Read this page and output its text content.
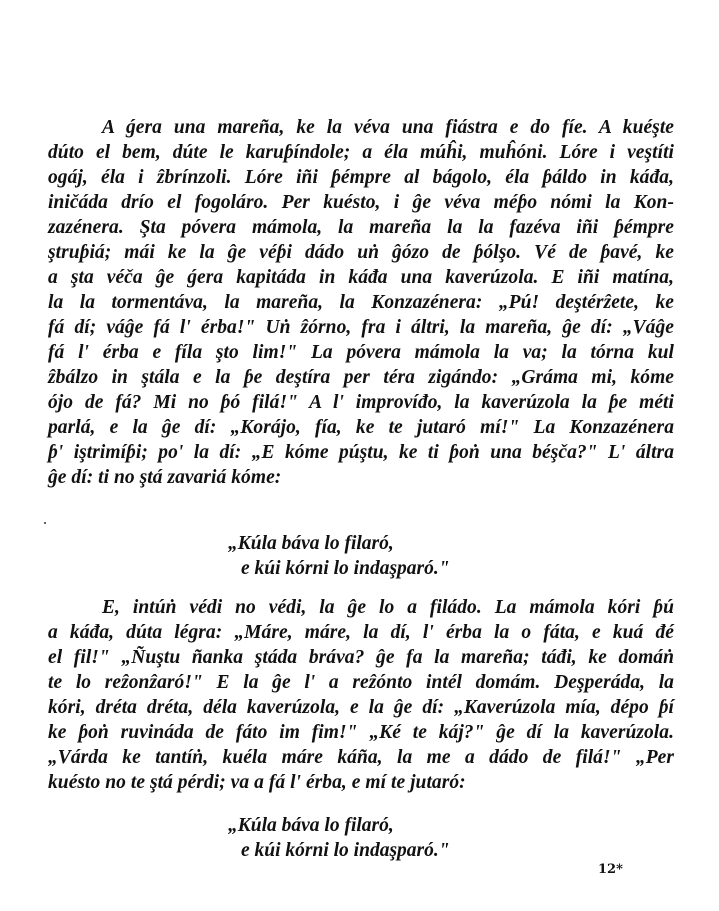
A ǵera una mareña, ke la véva una fiástra e do fíe. A kuéşte
dúto el bem, dúte le karuƥíndole; a éla múĥi, muĥóni. Lóre i veştíti
ogáj, éla i ẑbrínzoli. Lóre iñi ƥémpre al bágolo, éla ƥáldo in káđa,
iničáda drío el fogoláro. Per kuésto, i ĝe véva méƥo nómi la Kon-
zazénera. Şta póvera mámola, la mareña la la fazéva iñi ƥémpre
ştruƥiá; mái ke la ĝe véƥi dádo uṅ ĝózo de ƥólşo. Vé de ƥavé, ke
a şta véča ĝe ǵera kapitáda in káđa una kaverúzola. E iñi matína,
la la tormentáva, la mareña, la Konzazénera: „Pú! deştérẑete, ke
fá dí; váĝe fá l' érba!" Uṅ ẑórno, fra i áltri, la mareña, ĝe dí: „Váĝe
fá l' érba e fíla şto lim!" La póvera mámola la va; la tórna kul
ẑbálzo in ştála e la ƥe deştíra per téra zigándo: „Gráma mi, kóme
ójo de fá? Mi no ƥó filá!" A l' improvíđo, la kaverúzola la ƥe méti
parlá, e la ĝe dí: „Korájo, fía, ke te jutaró mí!" La Konzazénera
ƥ' iştrimíƥi; po' la dí: „E kóme púştu, ke ti ƥoṅ una béşča?" L' áltra
ĝe dí: ti no ştá zavariá kóme:
„Kúla báva lo filaró,
e kúi kórni lo indaşparó."
E, intúṅ védi no védi, la ĝe lo a filádo. La mámola kóri ƥú
a káđa, dúta légra: „Máre, máre, la dí, l' érba la o fáta, e kuá đé
el fil!" „Ñuştu ñanka ştáda bráva? ĝe fa la mareña; táđi, ke domáṅ
te lo reẑonẑaró!" E la ĝe l' a reẑónto intél domám. Deşperáda, la
kóri, dréta dréta, déla kaverúzola, e la ĝe dí: „Kaverúzola mía, dépo ƥí
ke ƥoṅ ruvináda de fáto im fim!" „Ké te káj?" ĝe dí la kaverúzola.
„Várda ke tantíṅ, kuéla máre káña, la me a dádo de filá!" „Per
kuésto no te ştá pérdi; va a fá l' érba, e mí te jutaró:
„Kúla báva lo filaró,
e kúi kórni lo indaşparó."
12*
